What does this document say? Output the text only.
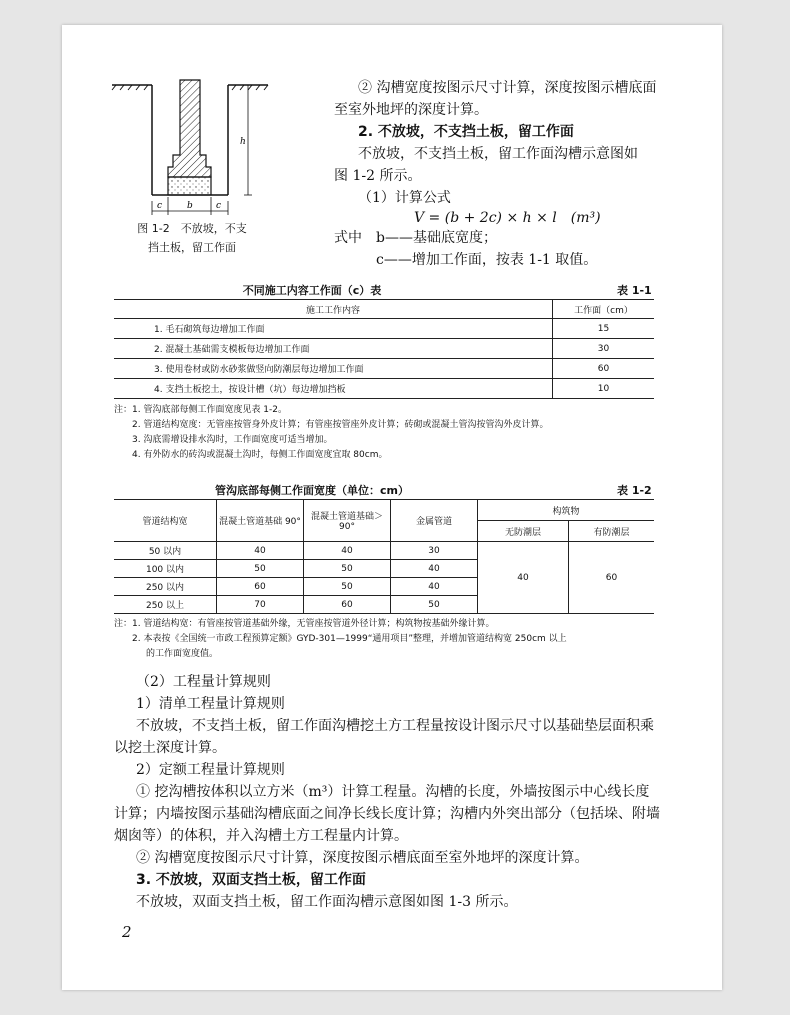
h
c	b	c
图 1-2　不放坡，不支
挡土板，留工作面
② 沟槽宽度按图示尺寸计算，深度按图示槽底面
至室外地坪的深度计算。
2. 不放坡，不支挡土板，留工作面
不放坡，不支挡土板，留工作面沟槽示意图如
图 1-2 所示。
（1）计算公式
V = (b + 2c) × h × l　(m³)
式中 b——基础底宽度；
c——增加工作面，按表 1-1 取值。
不同施工内容工作面（c）表	表 1-1
施工工作内容	工作面（cm）
1. 毛石砌筑每边增加工作面	15
2. 混凝土基础需支模板每边增加工作面	30
3. 使用卷材或防水砂浆做竖向防潮层每边增加工作面	60
4. 支挡土板挖土，按设计槽（坑）每边增加挡板	10
注：1. 管沟底部每侧工作面宽度见表 1-2。
2. 管道结构宽度：无管座按管身外皮计算；有管座按管座外皮计算；砖砌或混凝土管沟按管沟外皮计算。
3. 沟底需增设排水沟时，工作面宽度可适当增加。
4. 有外防水的砖沟或混凝土沟时，每侧工作面宽度宜取 80cm。
管沟底部每侧工作面宽度（单位：cm）	表 1-2
管道结构宽	混凝土管道基础 90°	混凝土管道基础＞90°	金属管道	构筑物	
				无防潮层	有防潮层
50 以内	40	40	30	40	60
100 以内	50	50	40		
250 以内	60	50	40		
250 以上	70	60	50		
注：1. 管道结构宽：有管座按管道基础外缘，无管座按管道外径计算；构筑物按基础外缘计算。
2. 本表按《全国统一市政工程预算定额》GYD-301—1999“通用项目”整理，并增加管道结构宽 250cm 以上
的工作面宽度值。
（2）工程量计算规则
1）清单工程量计算规则
不放坡，不支挡土板，留工作面沟槽挖土方工程量按设计图示尺寸以基础垫层面积乘
以挖土深度计算。
2）定额工程量计算规则
① 挖沟槽按体积以立方米（m³）计算工程量。沟槽的长度，外墙按图示中心线长度
计算；内墙按图示基础沟槽底面之间净长线长度计算；沟槽内外突出部分（包括垛、附墙
烟囱等）的体积，并入沟槽土方工程量内计算。
② 沟槽宽度按图示尺寸计算，深度按图示槽底面至室外地坪的深度计算。
3. 不放坡，双面支挡土板，留工作面
不放坡，双面支挡土板，留工作面沟槽示意图如图 1-3 所示。
2
